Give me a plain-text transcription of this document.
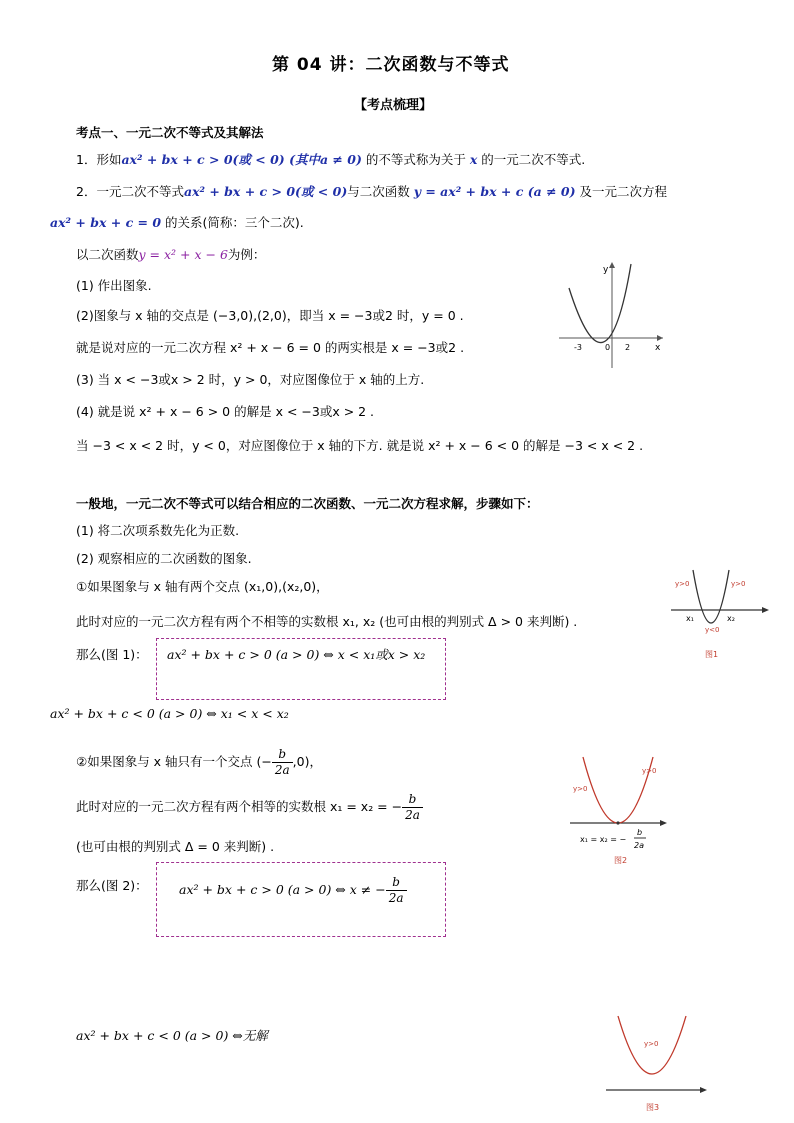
第 04 讲：二次函数与不等式
【考点梳理】
考点一、一元二次不等式及其解法
1．形如ax² + bx + c > 0(或 < 0) (其中a ≠ 0) 的不等式称为关于 x 的一元二次不等式.
2．一元二次不等式ax² + bx + c > 0(或 < 0)与二次函数 y = ax² + bx + c (a ≠ 0) 及一元二次方程
ax² + bx + c = 0 的关系(简称：三个二次).
以二次函数y = x² + x − 6为例：
(1) 作出图象.
(2)图象与 x 轴的交点是 (−3,0),(2,0)，即当 x = −3或2 时，y = 0 .
就是说对应的一元二次方程 x² + x − 6 = 0 的两实根是 x = −3或2 .
(3) 当 x < −3或x > 2 时，y > 0，对应图像位于 x 轴的上方.
(4) 就是说 x² + x − 6 > 0 的解是 x < −3或x > 2 .
当 −3 < x < 2 时，y < 0，对应图像位于 x 轴的下方. 就是说 x² + x − 6 < 0 的解是 −3 < x < 2 .
y
x
-3	0 2
一般地，一元二次不等式可以结合相应的二次函数、一元二次方程求解，步骤如下：
(1) 将二次项系数先化为正数.
(2) 观察相应的二次函数的图象.
①如果图象与 x 轴有两个交点 (x₁,0),(x₂,0)，
此时对应的一元二次方程有两个不相等的实数根 x₁, x₂ (也可由根的判别式 Δ > 0 来判断) .
那么(图 1)： ax² + bx + c > 0 (a > 0) ⇔ x < x₁或x > x₂
ax² + bx + c < 0 (a > 0) ⇔ x₁ < x < x₂
y>0	y>0
y<0
x₁	x₂
图1
②如果图象与 x 轴只有一个交点 (− $\frac{b}{2a} ,0$)，
此时对应的一元二次方程有两个相等的实数根 x₁ = x₂ = − $\frac{b}{2a}$
(也可由根的判别式 Δ = 0 来判断) .
那么(图 2)：	ax² + bx + c > 0 (a > 0) ⇔ x ≠ − $\frac{b}{2a}$
y>0
y>0
x₁ = x₂ = −
b
2a
图2
ax² + bx + c < 0 (a > 0) ⇔无解
y>0
图3
